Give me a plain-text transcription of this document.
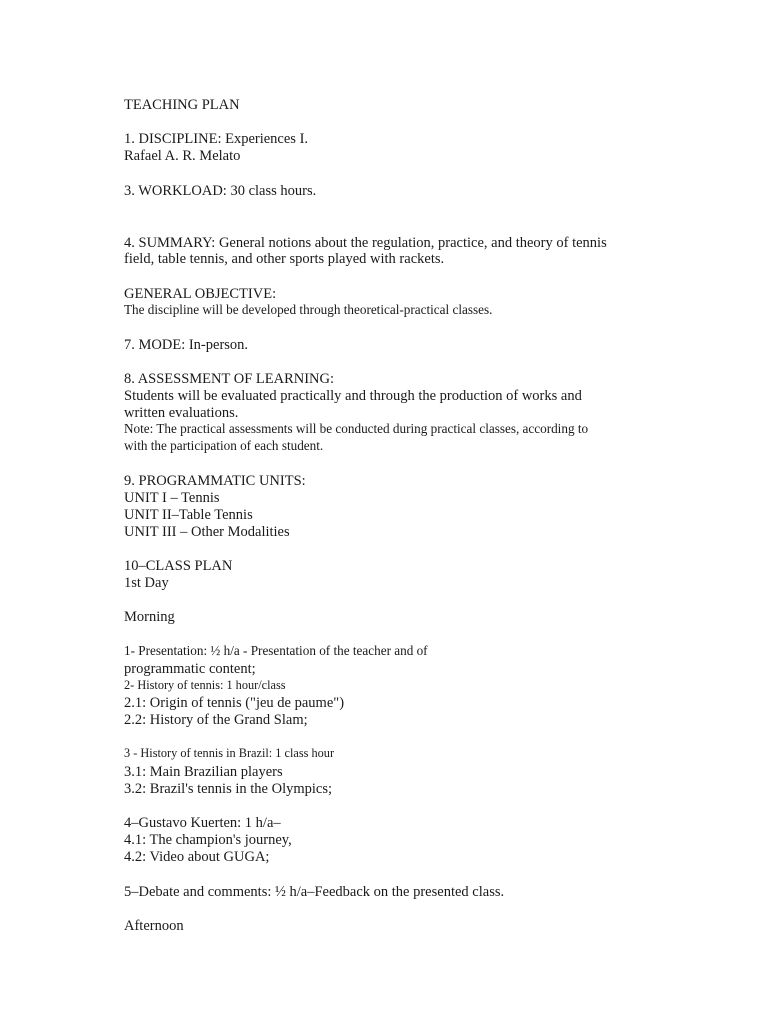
TEACHING PLAN
1. DISCIPLINE: Experiences I.
Rafael A. R. Melato
3. WORKLOAD: 30 class hours.
4. SUMMARY: General notions about the regulation, practice, and theory of tennis
field, table tennis, and other sports played with rackets.
GENERAL OBJECTIVE:
The discipline will be developed through theoretical-practical classes.
7. MODE: In-person.
8. ASSESSMENT OF LEARNING:
Students will be evaluated practically and through the production of works and
written evaluations.
Note: The practical assessments will be conducted during practical classes, according to
with the participation of each student.
9. PROGRAMMATIC UNITS:
UNIT I – Tennis
UNIT II–Table Tennis
UNIT III – Other Modalities
10–CLASS PLAN
1st Day
Morning
1- Presentation: ½ h/a - Presentation of the teacher and of
programmatic content;
2- History of tennis: 1 hour/class
2.1: Origin of tennis ("jeu de paume")
2.2: History of the Grand Slam;
3 - History of tennis in Brazil: 1 class hour
3.1: Main Brazilian players
3.2: Brazil's tennis in the Olympics;
4–Gustavo Kuerten: 1 h/a–
4.1: The champion's journey,
4.2: Video about GUGA;
5–Debate and comments: ½ h/a–Feedback on the presented class.
Afternoon
